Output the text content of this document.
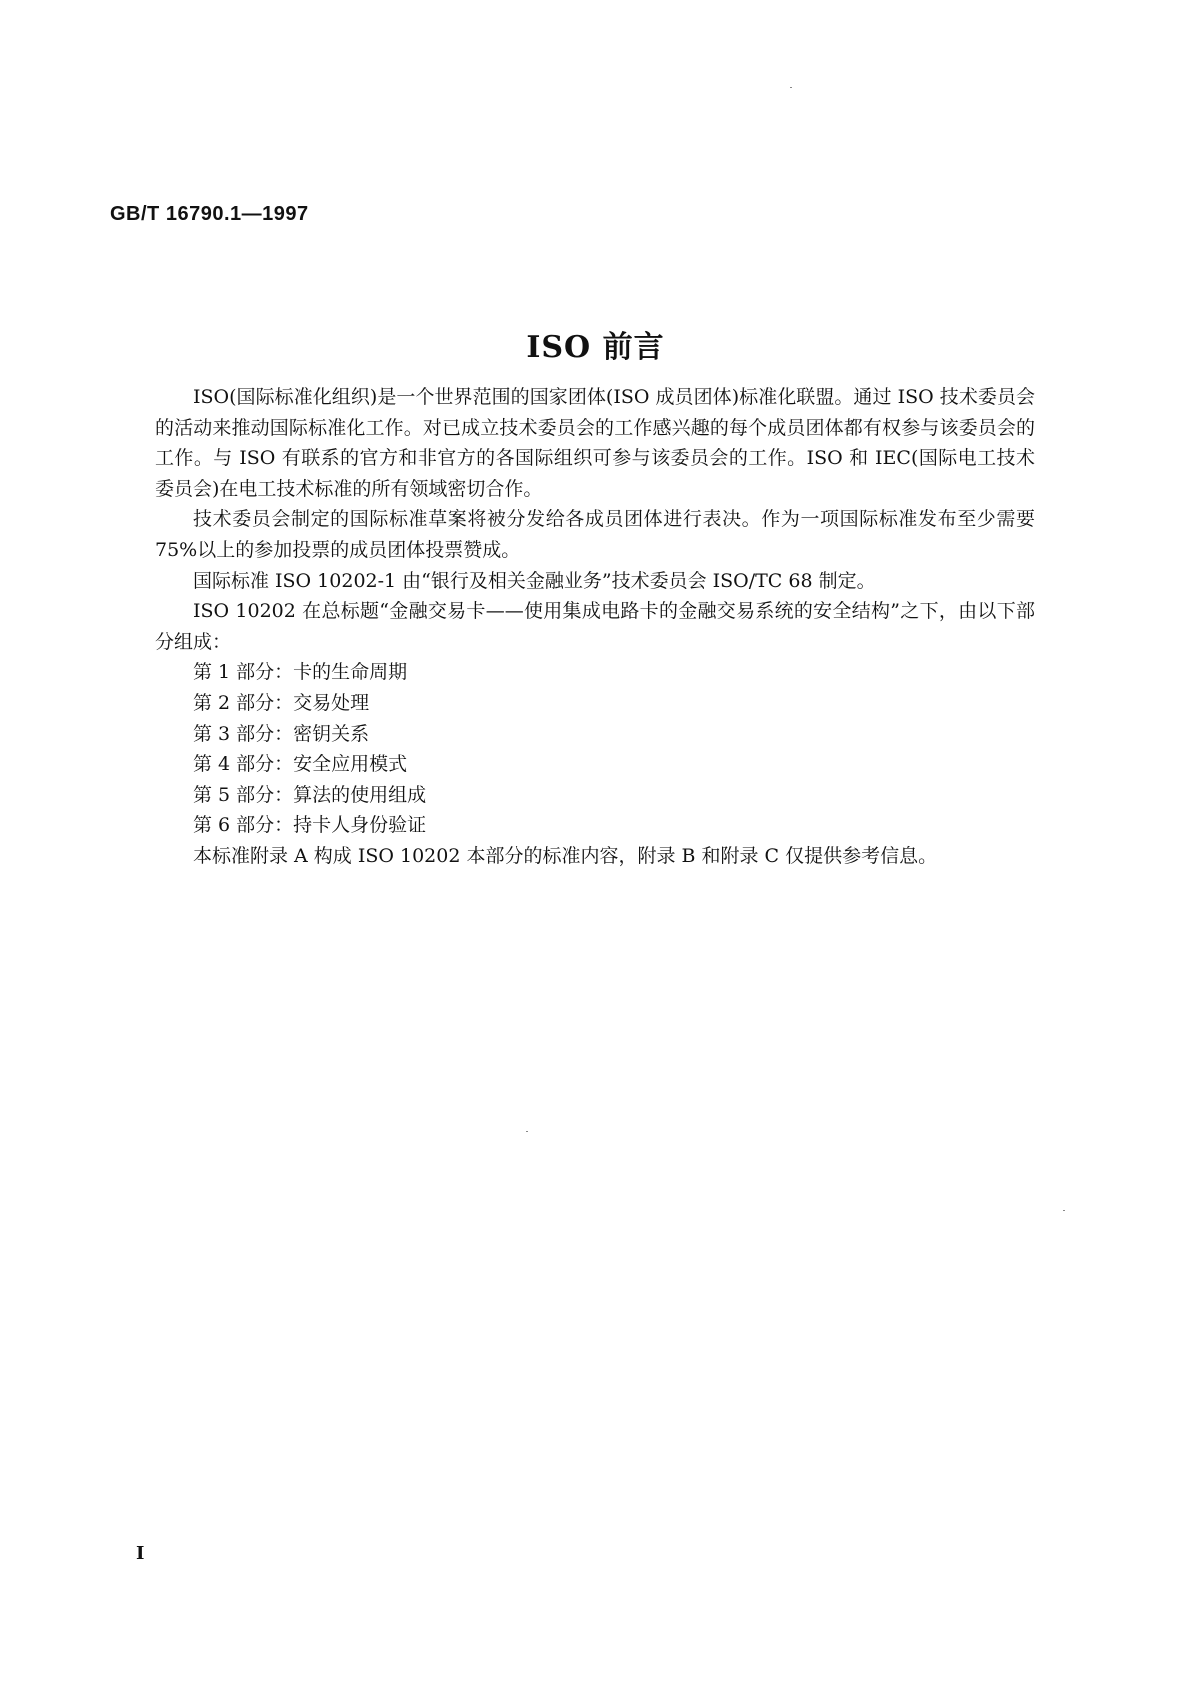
GB/T 16790.1—1997
ISO 前言

ISO(国际标准化组织)是一个世界范围的国家团体(ISO 成员团体)标准化联盟。通过 ISO 技术委员会的活动来推动国际标准化工作。对已成立技术委员会的工作感兴趣的每个成员团体都有权参与该委员会的工作。与 ISO 有联系的官方和非官方的各国际组织可参与该委员会的工作。ISO 和 IEC(国际电工技术委员会)在电工技术标准的所有领域密切合作。

技术委员会制定的国际标准草案将被分发给各成员团体进行表决。作为一项国际标准发布至少需要 75%以上的参加投票的成员团体投票赞成。

国际标准 ISO 10202-1 由“银行及相关金融业务”技术委员会 ISO/TC 68 制定。

ISO 10202 在总标题“金融交易卡——使用集成电路卡的金融交易系统的安全结构”之下，由以下部分组成：

第 1 部分：卡的生命周期

第 2 部分：交易处理

第 3 部分：密钥关系

第 4 部分：安全应用模式

第 5 部分：算法的使用组成

第 6 部分：持卡人身份验证

本标准附录 A 构成 ISO 10202 本部分的标准内容，附录 B 和附录 C 仅提供参考信息。

I
